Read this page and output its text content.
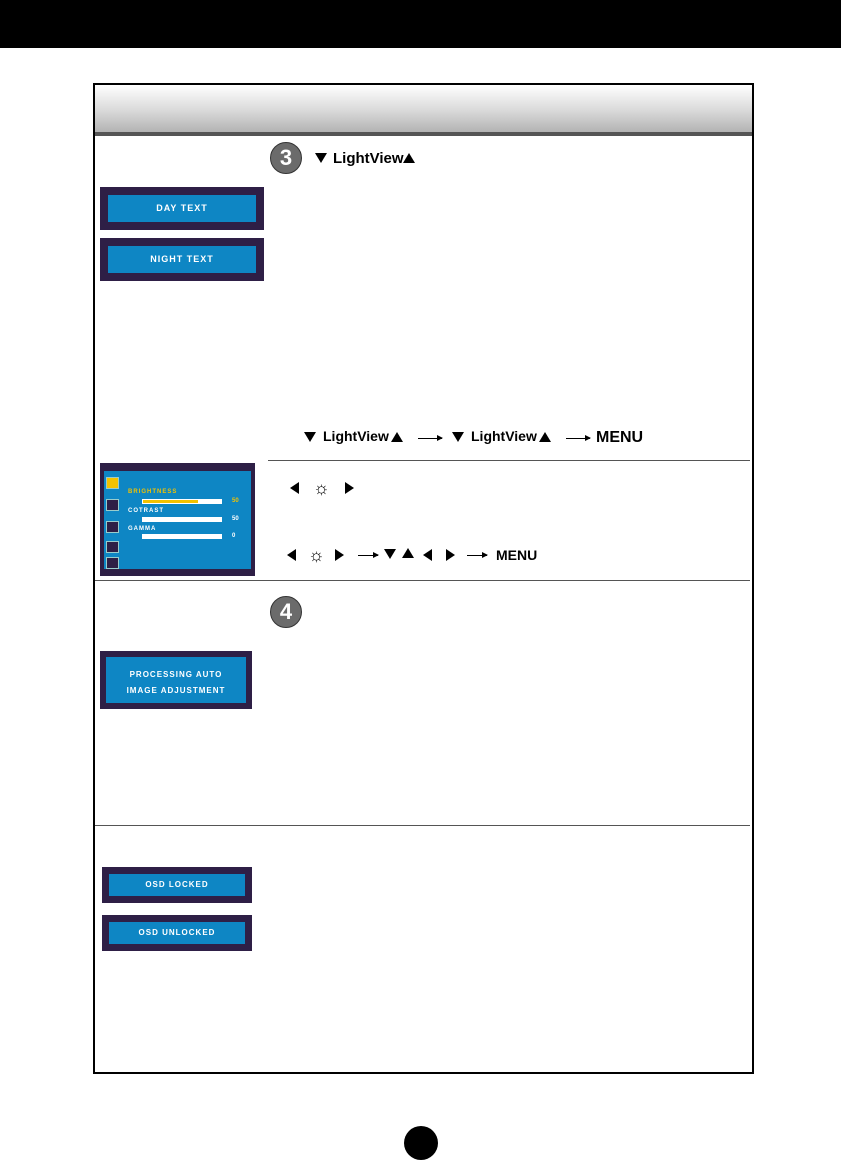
3	LightView
DAY TEXT
NIGHT TEXT
LightView	LightView	MENU
BRIGHTNESS
50
COTRAST
50
GAMMA
0
☼
☼	MENU
4
PROCESSING AUTO
IMAGE ADJUSTMENT
OSD LOCKED
OSD UNLOCKED
